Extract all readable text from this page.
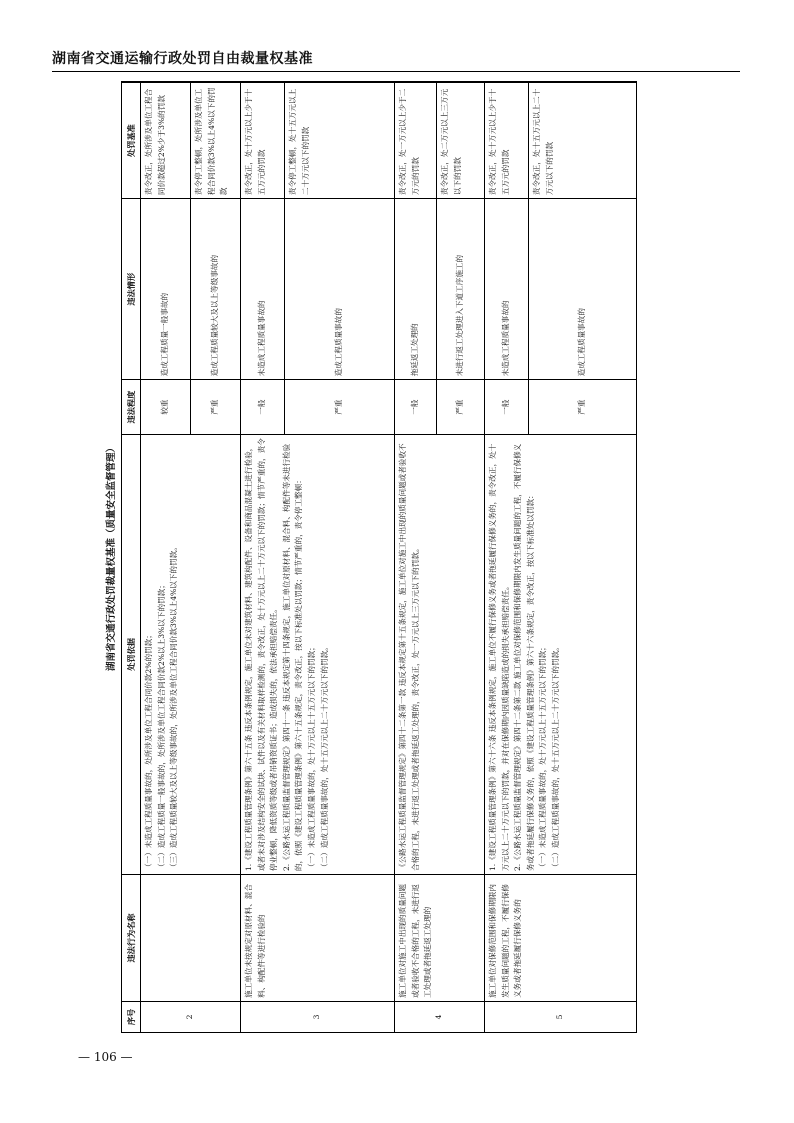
湖南省交通运输行政处罚自由裁量权基准
湖南省交通行政处罚裁量权基准（质量安全监督管理）
序号	违法行为名称	处罚依据	违法程度	违法情形	处罚基准
2		（一）未造成工程质量事故的，处所涉及单位工程合同价款2%的罚款； （二）造成工程质量一般事故的，处所涉及单位工程合同价款2%以上3%以下的罚款； （三）造成工程质量较大及以上等级事故的，处所涉及单位工程合同价款3%以上4%以下的罚款。	较重	造成工程质量一般事故的	责令改正，处所涉及单位工程合同价款超过2%少于3%的罚款
			严重	造成工程质量较大及以上等级事故的	责令停工整顿，处所涉及单位工程合同价款3%以上4%以下的罚款
3	施工单位未按规定对原材料、混合料、构配件等进行检验的	1.《建设工程质量管理条例》第六十五条 违反本条例规定，施工单位未对建筑材料、建筑构配件、设备和商品混凝土进行检验，或者未对涉及结构安全的试块、试件以及有关材料取样检测的，责令改正，处十万元以上二十万元以下的罚款；情节严重的，责令停业整顿，降低资质等级或者吊销资质证书；造成损失的，依法承担赔偿责任。 2.《公路水运工程质量监督管理规定》第四十一条 违反本规定第十四条规定，施工单位对原材料、混合料、构配件等未进行检验的，依照《建设工程质量管理条例》第六十五条规定，责令改正，按以下标准处以罚款；情节严重的，责令停工整顿： （一）未造成工程质量事故的，处十万元以上十五万元以下的罚款； （二）造成工程质量事故的，处十五万元以上二十万元以下的罚款。	一般	未造成工程质量事故的	责令改正，处十万元以上少于十五万元的罚款
			严重	造成工程质量事故的	责令停工整顿，处十五万元以上二十万元以下的罚款
4	施工单位对施工中出现的质量问题或者验收不合格的工程，未进行返工处理或者拖延返工处理的	《公路水运工程质量监督管理规定》第四十二条第一款 违反本规定第十五条规定，施工单位对施工中出现的质量问题或者验收不合格的工程，未进行返工处理或者拖延返工处理的，责令改正，处一万元以上三万元以下的罚款。	一般	拖延返工处理的	责令改正，处一万元以上少于二万元的罚款
			严重	未进行返工处理进入下道工序施工的	责令改正，处二万元以上三万元以下的罚款
5	施工单位对保修范围和保修期限内发生质量问题的工程，不履行保修义务或者拖延履行保修义务的	1.《建设工程质量管理条例》第六十六条 违反本条例规定，施工单位不履行保修义务或者拖延履行保修义务的，责令改正，处十万元以上二十万元以下的罚款，并对在保修期内因质量缺陷造成的损失承担赔偿责任。 2.《公路水运工程质量监督管理规定》第四十二条第二款 施工单位对保修范围和保修期限内发生质量问题的工程，不履行保修义务或者拖延履行保修义务的，依照《建设工程质量管理条例》第六十六条规定，责令改正，按以下标准处以罚款： （一）未造成工程质量事故的，处十万元以上十五万元以下的罚款； （二）造成工程质量事故的，处十五万元以上二十万元以下的罚款。	一般	未造成工程质量事故的	责令改正，处十万元以上少于十五万元的罚款
			严重	造成工程质量事故的	责令改正，处十五万元以上二十万元以下的罚款
— 106 —
